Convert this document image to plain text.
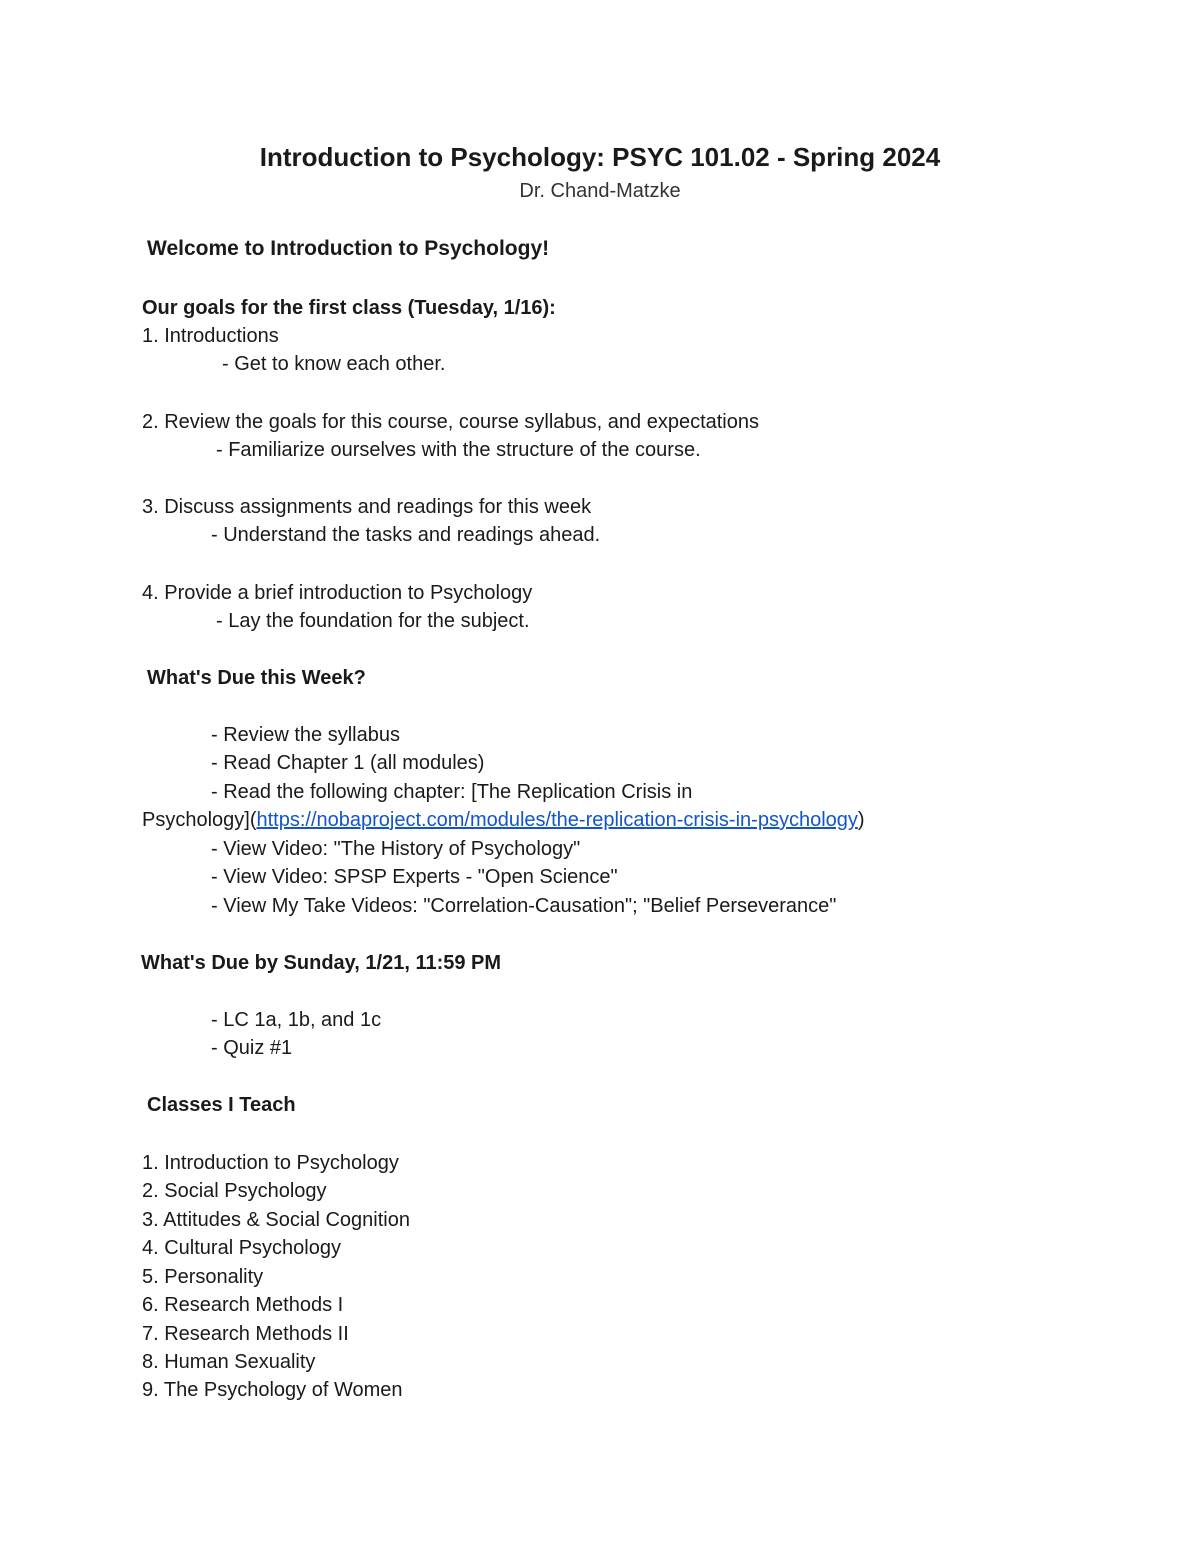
Introduction to Psychology: PSYC 101.02 - Spring 2024
Dr. Chand-Matzke
Welcome to Introduction to Psychology!
Our goals for the first class (Tuesday, 1/16):
1. Introductions
- Get to know each other.
2. Review the goals for this course, course syllabus, and expectations
- Familiarize ourselves with the structure of the course.
3. Discuss assignments and readings for this week
- Understand the tasks and readings ahead.
4. Provide a brief introduction to Psychology
- Lay the foundation for the subject.
What's Due this Week?
- Review the syllabus
- Read Chapter 1 (all modules)
- Read the following chapter: [The Replication Crisis in
Psychology](https://nobaproject.com/modules/the-replication-crisis-in-psychology)
- View Video: "The History of Psychology"
- View Video: SPSP Experts - "Open Science"
- View My Take Videos: "Correlation-Causation"; "Belief Perseverance"
What's Due by Sunday, 1/21, 11:59 PM
- LC 1a, 1b, and 1c
- Quiz #1
Classes I Teach
1. Introduction to Psychology
2. Social Psychology
3. Attitudes & Social Cognition
4. Cultural Psychology
5. Personality
6. Research Methods I
7. Research Methods II
8. Human Sexuality
9. The Psychology of Women
